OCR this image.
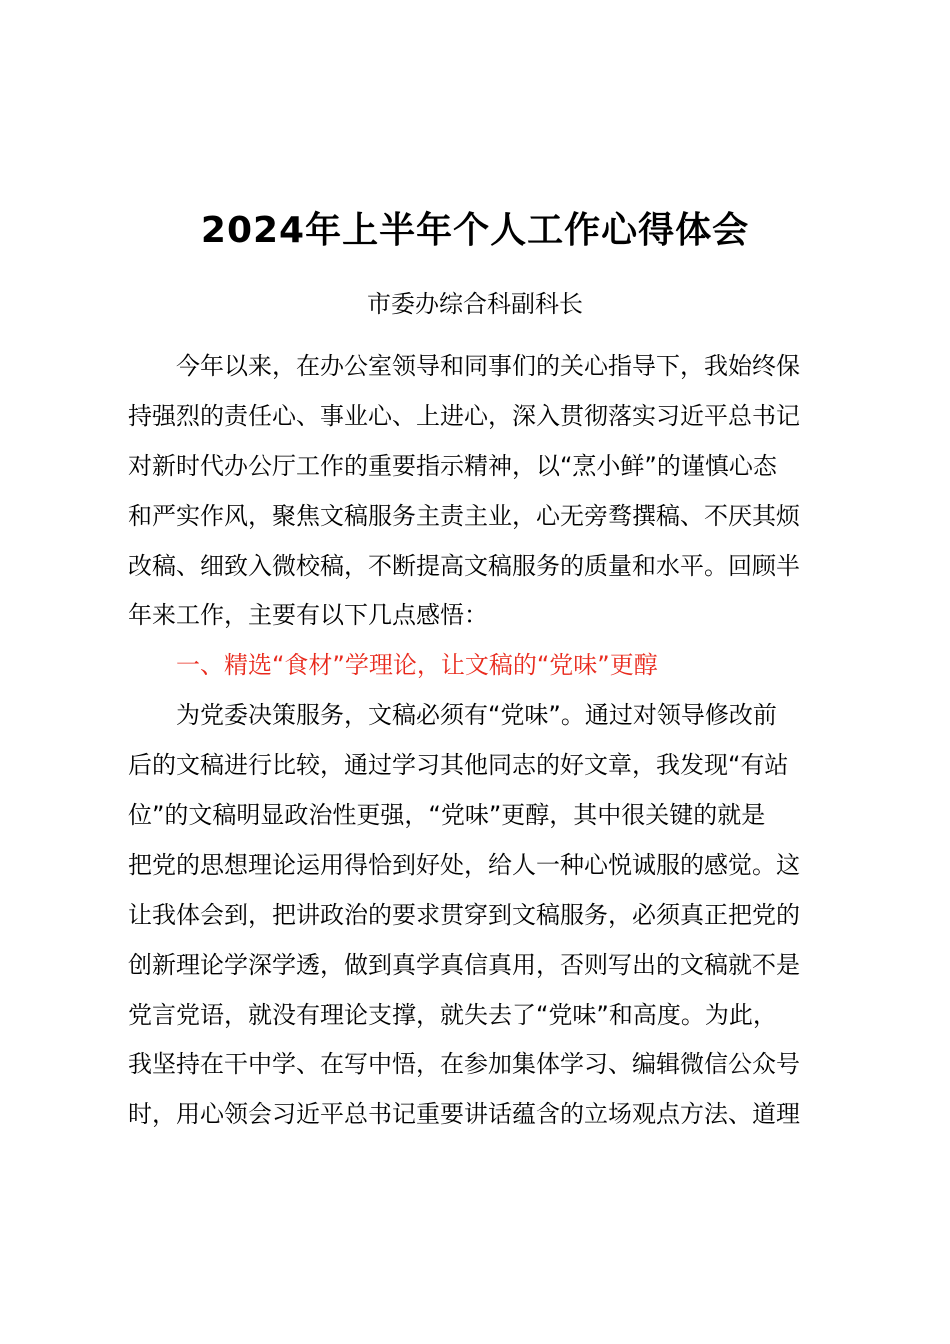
2024年上半年个人工作心得体会
市委办综合科副科长
今年以来，在办公室领导和同事们的关心指导下，我始终保
持强烈的责任心、事业心、上进心，深入贯彻落实习近平总书记
对新时代办公厅工作的重要指示精神，以“烹小鲜”的谨慎心态
和严实作风，聚焦文稿服务主责主业，心无旁骛撰稿、不厌其烦
改稿、细致入微校稿，不断提高文稿服务的质量和水平。回顾半
年来工作，主要有以下几点感悟：
一、精选“食材”学理论，让文稿的“党味”更醇
为党委决策服务，文稿必须有“党味”。通过对领导修改前
后的文稿进行比较，通过学习其他同志的好文章，我发现“有站
位”的文稿明显政治性更强，“党味”更醇，其中很关键的就是
把党的思想理论运用得恰到好处，给人一种心悦诚服的感觉。这
让我体会到，把讲政治的要求贯穿到文稿服务，必须真正把党的
创新理论学深学透，做到真学真信真用，否则写出的文稿就不是
党言党语，就没有理论支撑，就失去了“党味”和高度。为此，
我坚持在干中学、在写中悟，在参加集体学习、编辑微信公众号
时，用心领会习近平总书记重要讲话蕴含的立场观点方法、道理
